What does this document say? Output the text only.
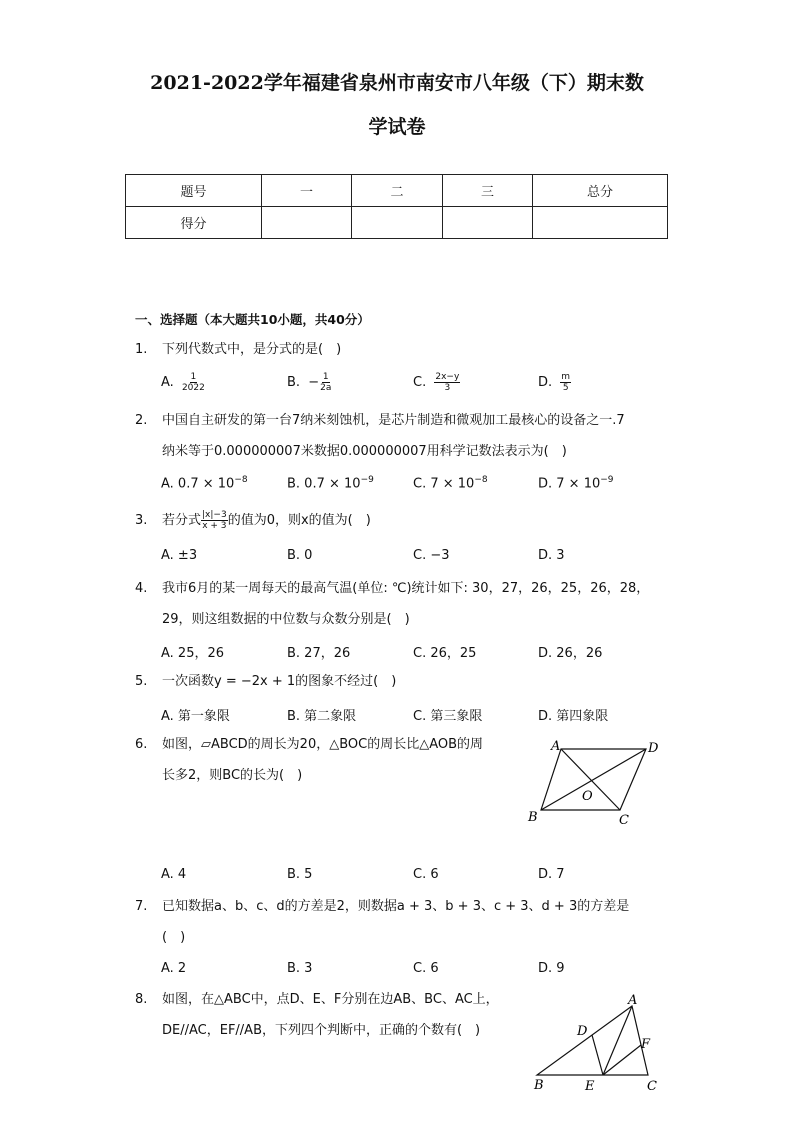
2021-2022学年福建省泉州市南安市八年级（下）期末数
学试卷
题号	一	二	三	总分
得分				
一、选择题（本大题共10小题，共40分）
1.	下列代数式中，是分式的是(　)
A. $\frac{1}{2022}$	B. − $\frac{1}{2a}$	C. $\frac{2x-y}{3}$	D. $\frac{m}{5}$
2.	中国自主研发的第一台7纳米刻蚀机，是芯片制造和微观加工最核心的设备之一.7
纳米等于0.000000007米数据0.000000007用科学记数法表示为(　)
A. $0.7 \times 10^{-8}$	B. $0.7 \times 10^{-9}$	C. $7 \times 10^{-8}$	D. $7 \times 10^{-9}$
3.	若分式 $\frac{|x|-3}{x + 3}$ 的值为0，则x的值为(　)
A. ±3	B. 0	C. −3	D. 3
4.	我市6月的某一周每天的最高气温(单位: ℃)统计如下: 30，27，26，25，26，28，
29，则这组数据的中位数与众数分别是(　)
A. 25，26	B. 27，26	C. 26，25	D. 26，26
5.	一次函数y = −2x + 1的图象不经过(　)
A. 第一象限	B. 第二象限	C. 第三象限	D. 第四象限
6.	如图，▱ABCD的周长为20，△BOC的周长比△AOB的周
长多2，则BC的长为(　)
A	D
B	C
O
A. 4	B. 5	C. 6	D. 7
7.	已知数据a、b、c、d的方差是2，则数据a + 3、b + 3、c + 3、d + 3的方差是
(　)
A. 2	B. 3	C. 6	D. 9
8.	如图，在△ABC中，点D、E、F分别在边AB、BC、AC上，
DE//AC，EF//AB，下列四个判断中，正确的个数有(　)
A
D
F
B	E	C
